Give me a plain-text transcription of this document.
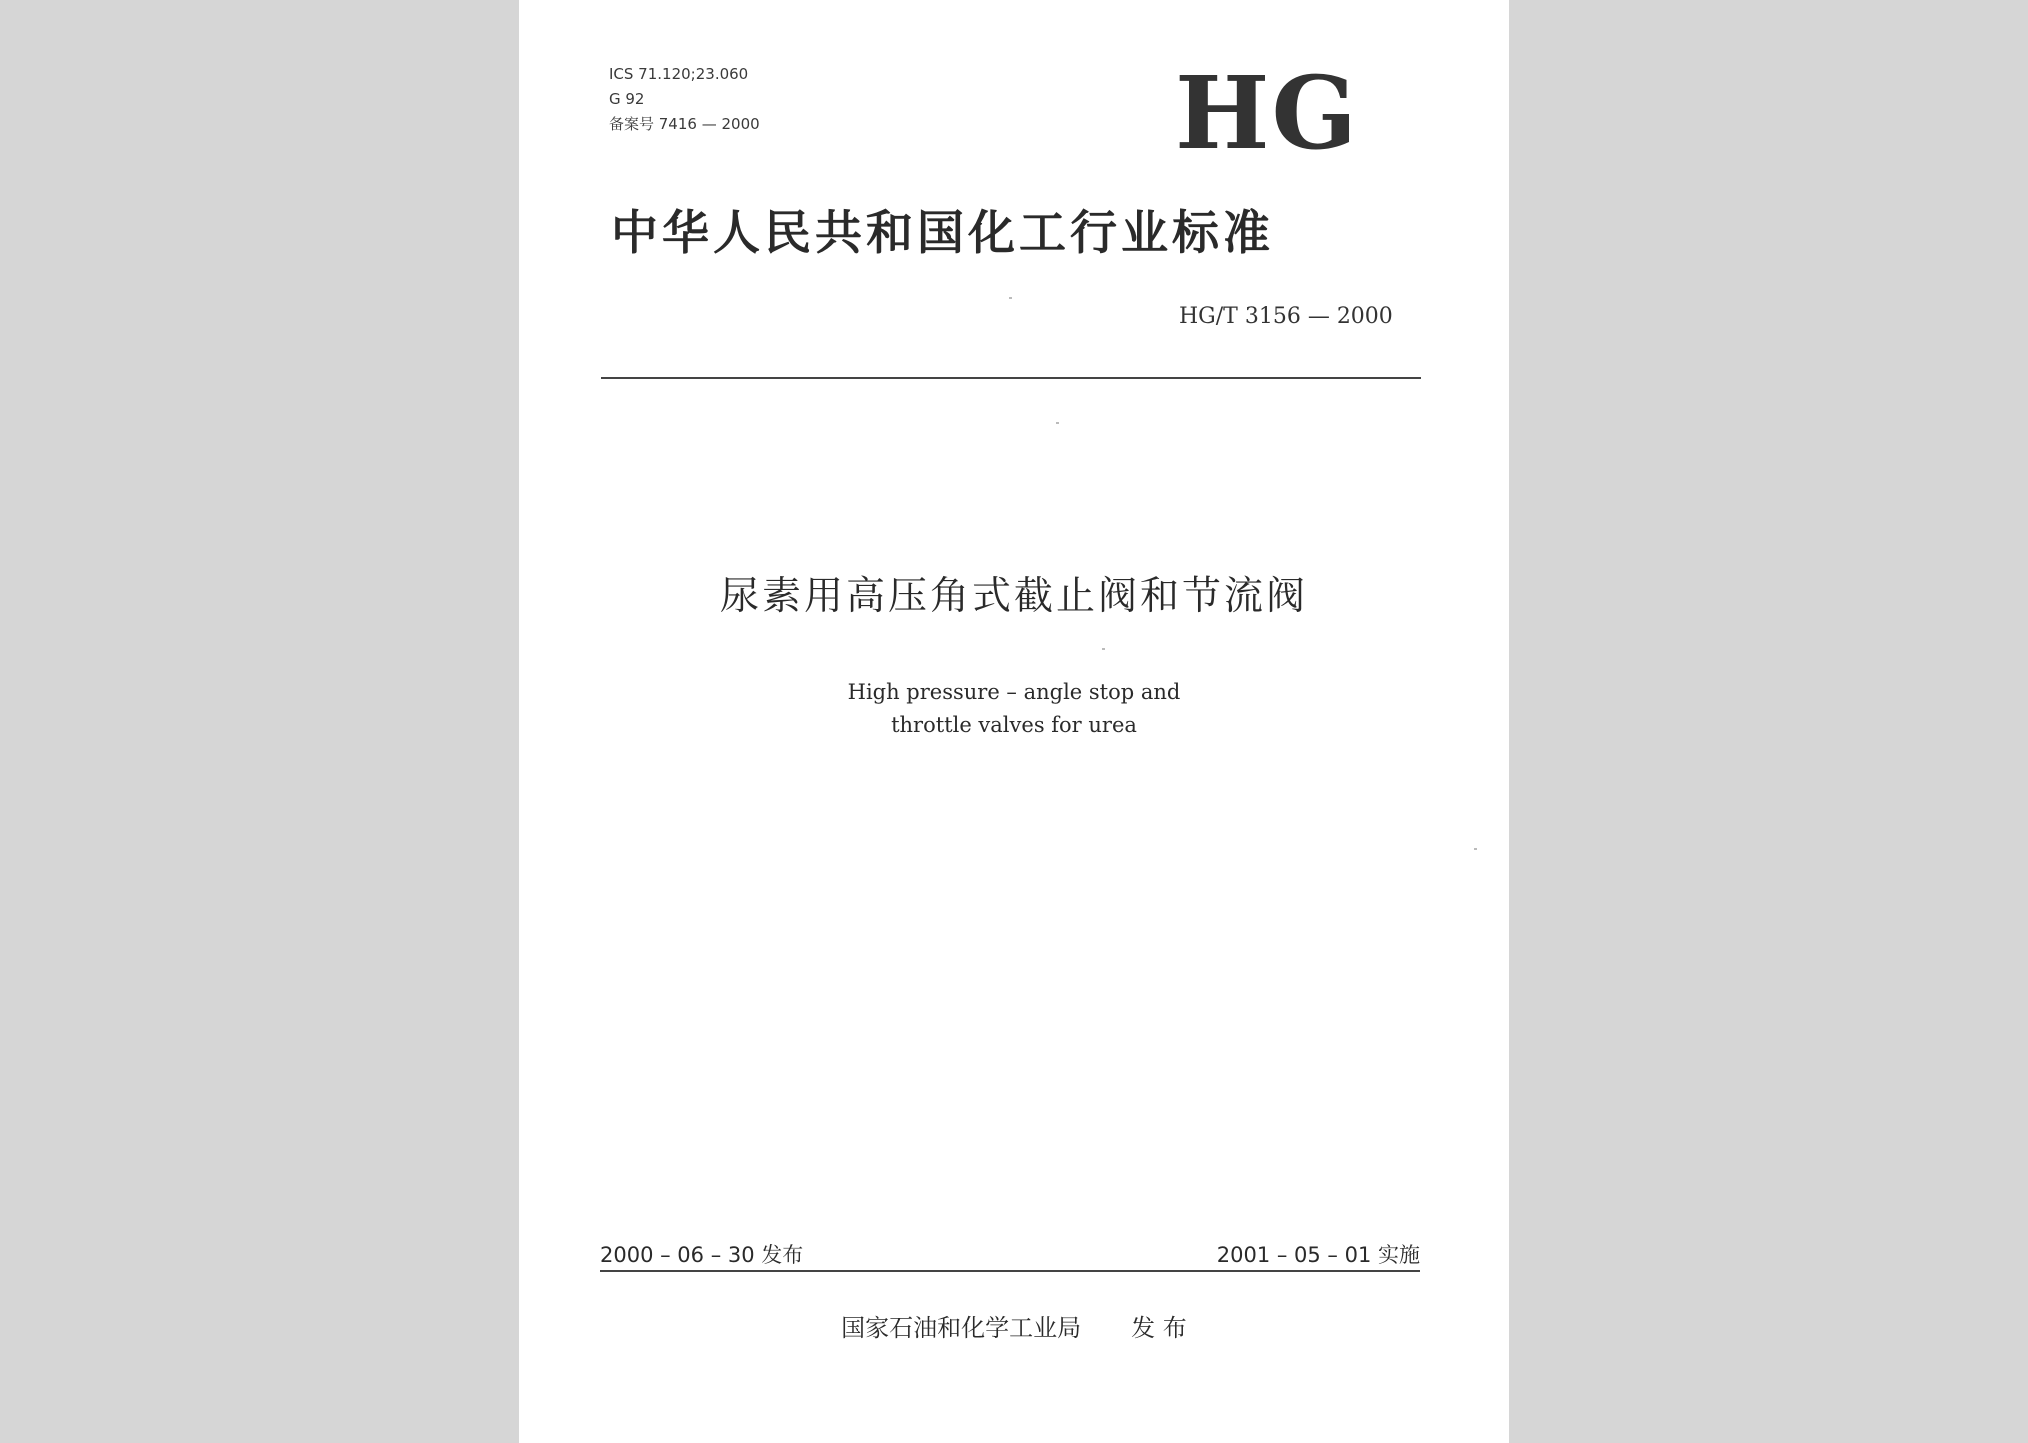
ICS 71.120;23.060
G 92
备案号 7416 — 2000	HG
中华人民共和国化工行业标准
HG/T 3156 — 2000
尿素用高压角式截止阀和节流阀
High pressure – angle stop and
throttle valves for urea
2000 – 06 – 30 发布	2001 – 05 – 01 实施
国家石油和化学工业局 发 布
